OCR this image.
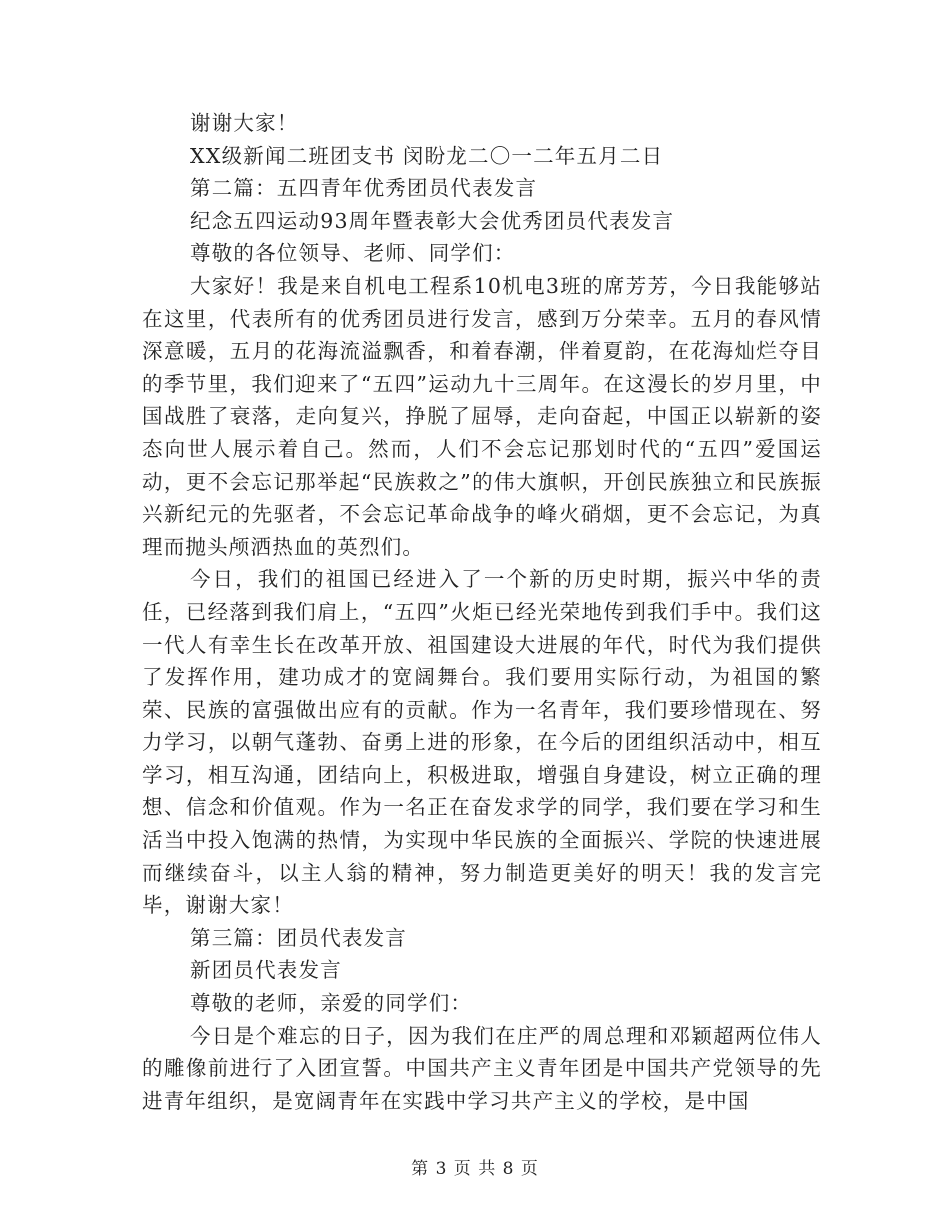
谢谢大家！

XX级新闻二班团支书 闵盼龙二〇一二年五月二日

第二篇：五四青年优秀团员代表发言

纪念五四运动93周年暨表彰大会优秀团员代表发言

尊敬的各位领导、老师、同学们：

大家好！我是来自机电工程系10机电3班的席芳芳，今日我能够站在这里，代表所有的优秀团员进行发言，感到万分荣幸。五月的春风情深意暖，五月的花海流溢飘香，和着春潮，伴着夏韵，在花海灿烂夺目的季节里，我们迎来了“五四”运动九十三周年。在这漫长的岁月里，中国战胜了衰落，走向复兴，挣脱了屈辱，走向奋起，中国正以崭新的姿态向世人展示着自己。然而，人们不会忘记那划时代的“五四”爱国运动，更不会忘记那举起“民族救之”的伟大旗帜，开创民族独立和民族振兴新纪元的先驱者，不会忘记革命战争的峰火硝烟，更不会忘记，为真理而抛头颅洒热血的英烈们。

今日，我们的祖国已经进入了一个新的历史时期，振兴中华的责任，已经落到我们肩上，“五四”火炬已经光荣地传到我们手中。我们这一代人有幸生长在改革开放、祖国建设大进展的年代，时代为我们提供了发挥作用，建功成才的宽阔舞台。我们要用实际行动，为祖国的繁荣、民族的富强做出应有的贡献。作为一名青年，我们要珍惜现在、努力学习，以朝气蓬勃、奋勇上进的形象，在今后的团组织活动中，相互学习，相互沟通，团结向上，积极进取，增强自身建设，树立正确的理想、信念和价值观。作为一名正在奋发求学的同学，我们要在学习和生活当中投入饱满的热情，为实现中华民族的全面振兴、学院的快速进展而继续奋斗，以主人翁的精神，努力制造更美好的明天！我的发言完毕，谢谢大家！

第三篇：团员代表发言

新团员代表发言

尊敬的老师，亲爱的同学们：

今日是个难忘的日子，因为我们在庄严的周总理和邓颖超两位伟人的雕像前进行了入团宣誓。中国共产主义青年团是中国共产党领导的先进青年组织，是宽阔青年在实践中学习共产主义的学校，是中国

第 3 页 共 8 页
